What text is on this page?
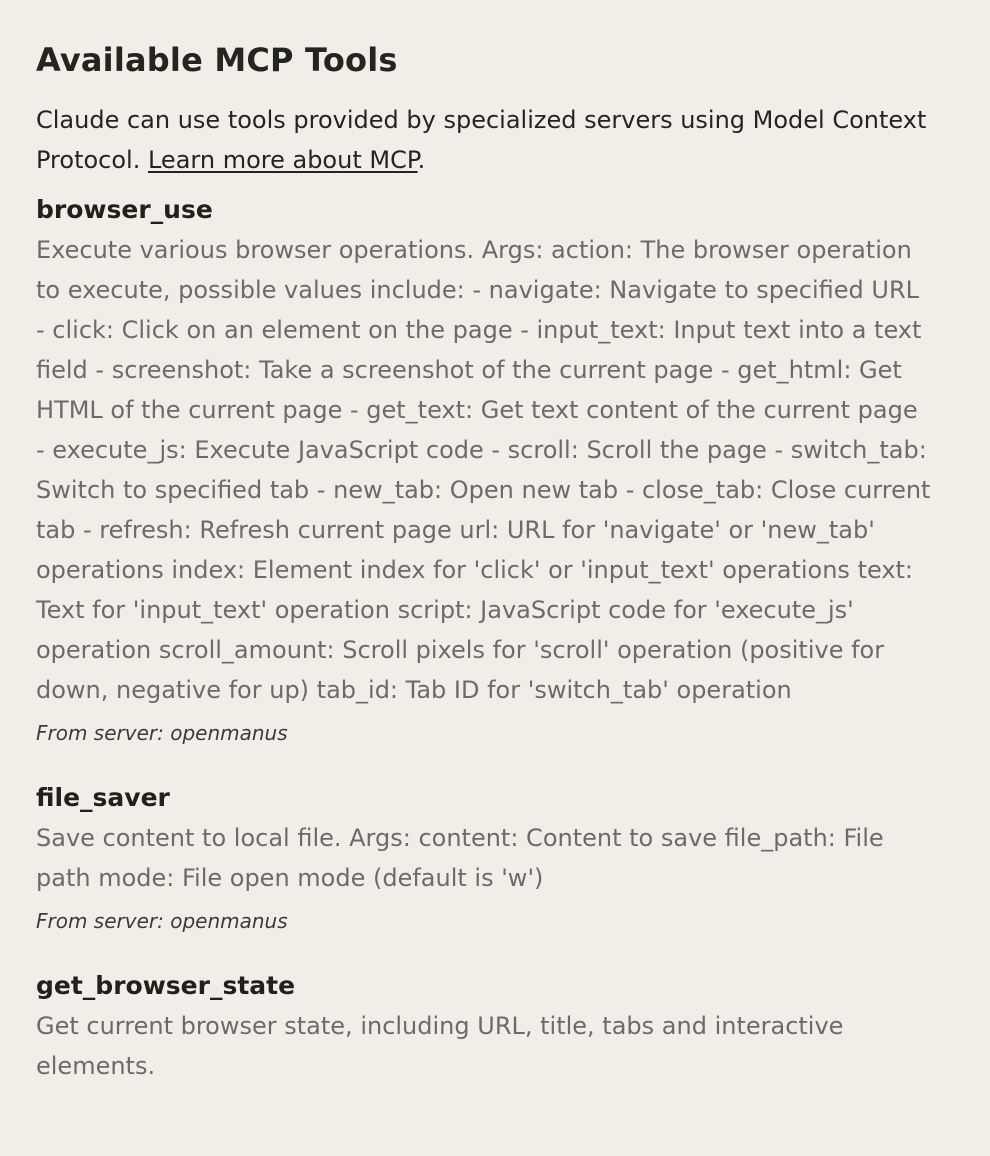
Available MCP Tools

Claude can use tools provided by specialized servers using Model Context Protocol. Learn more about MCP.

browser_use

Execute various browser operations. Args: action: The browser operation to execute, possible values include: - navigate: Navigate to specified URL - click: Click on an element on the page - input_text: Input text into a text field - screenshot: Take a screenshot of the current page - get_html: Get HTML of the current page - get_text: Get text content of the current page - execute_js: Execute JavaScript code - scroll: Scroll the page - switch_tab: Switch to specified tab - new_tab: Open new tab - close_tab: Close current tab - refresh: Refresh current page url: URL for 'navigate' or 'new_tab' operations index: Element index for 'click' or 'input_text' operations text: Text for 'input_text' operation script: JavaScript code for 'execute_js' operation scroll_amount: Scroll pixels for 'scroll' operation (positive for down, negative for up) tab_id: Tab ID for 'switch_tab' operation

From server: openmanus

file_saver

Save content to local file. Args: content: Content to save file_path: File path mode: File open mode (default is 'w')

From server: openmanus

get_browser_state

Get current browser state, including URL, title, tabs and interactive elements.
